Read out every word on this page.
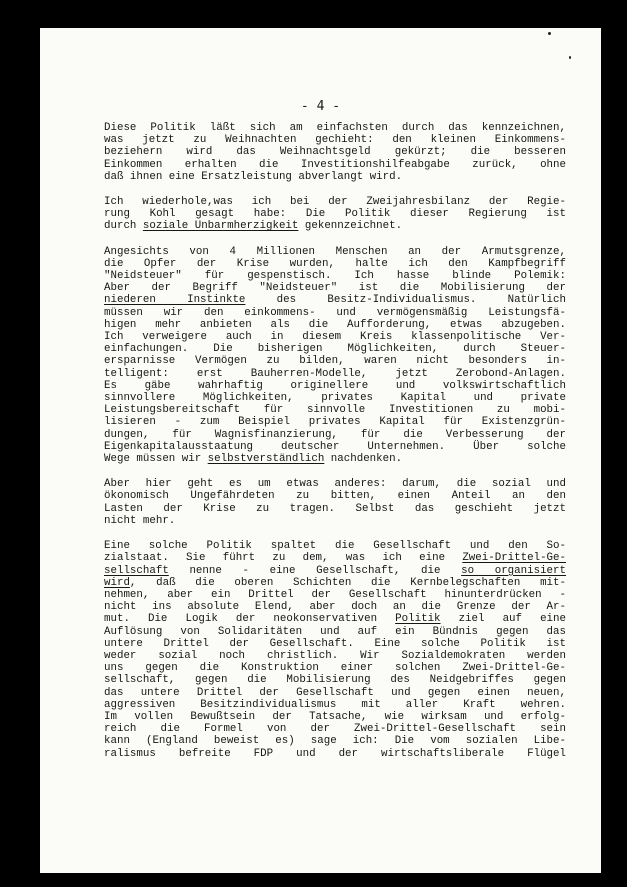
- 4 -
Diese Politik läßt sich am einfachsten durch das kennzeichnen,
was jetzt zu Weihnachten gechieht: den kleinen Einkommens-
beziehern wird das Weihnachtsgeld gekürzt; die besseren
Einkommen erhalten die Investitionshilfeabgabe zurück, ohne
daß ihnen eine Ersatzleistung abverlangt wird.
Ich wiederhole,was ich bei der Zweijahresbilanz der Regie-
rung Kohl gesagt habe: Die Politik dieser Regierung ist
durch soziale Unbarmherzigkeit gekennzeichnet.
Angesichts von 4 Millionen Menschen an der Armutsgrenze,
die Opfer der Krise wurden, halte ich den Kampfbegriff
"Neidsteuer" für gespenstisch. Ich hasse blinde Polemik:
Aber der Begriff "Neidsteuer" ist die Mobilisierung der
niederen Instinkte des Besitz-Individualismus. Natürlich
müssen wir den einkommens- und vermögensmäßig Leistungsfä-
higen mehr anbieten als die Aufforderung, etwas abzugeben.
Ich verweigere auch in diesem Kreis klassenpolitische Ver-
einfachungen. Die bisherigen Möglichkeiten, durch Steuer-
ersparnisse Vermögen zu bilden, waren nicht besonders in-
telligent: erst Bauherren-Modelle, jetzt Zerobond-Anlagen.
Es gäbe wahrhaftig originellere und volkswirtschaftlich
sinnvollere Möglichkeiten, privates Kapital und private
Leistungsbereitschaft für sinnvolle Investitionen zu mobi-
lisieren - zum Beispiel privates Kapital für Existenzgrün-
dungen, für Wagnisfinanzierung, für die Verbesserung der
Eigenkapitalausstaatung deutscher Unternehmen. Über solche
Wege müssen wir selbstverständlich nachdenken.
Aber hier geht es um etwas anderes: darum, die sozial und
ökonomisch Ungefährdeten zu bitten, einen Anteil an den
Lasten der Krise zu tragen. Selbst das geschieht jetzt
nicht mehr.
Eine solche Politik spaltet die Gesellschaft und den So-
zialstaat. Sie führt zu dem, was ich eine Zwei-Drittel-Ge-
sellschaft nenne - eine Gesellschaft, die so organisiert
wird, daß die oberen Schichten die Kernbelegschaften mit-
nehmen, aber ein Drittel der Gesellschaft hinunterdrücken -
nicht ins absolute Elend, aber doch an die Grenze der Ar-
mut. Die Logik der neokonservativen Politik ziel auf eine
Auflösung von Solidaritäten und auf ein Bündnis gegen das
untere Drittel der Gesellschaft. Eine solche Politik ist
weder sozial noch christlich. Wir Sozialdemokraten werden
uns gegen die Konstruktion einer solchen Zwei-Drittel-Ge-
sellschaft, gegen die Mobilisierung des Neidgebriffes gegen
das untere Drittel der Gesellschaft und gegen einen neuen,
aggressiven Besitzindividualismus mit aller Kraft wehren.
Im vollen Bewußtsein der Tatsache, wie wirksam und erfolg-
reich die Formel von der Zwei-Drittel-Gesellschaft sein
kann (England beweist es) sage ich: Die vom sozialen Libe-
ralismus befreite FDP und der wirtschaftsliberale Flügel
